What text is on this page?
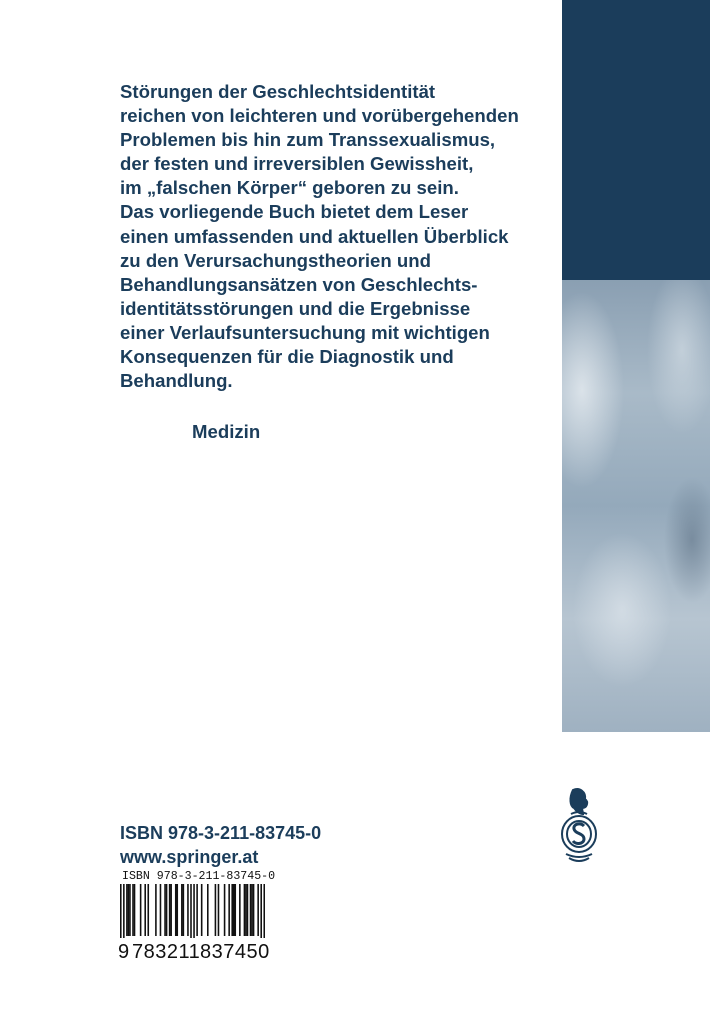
Störungen der Geschlechtsidentität
reichen von leichteren und vorübergehenden
Problemen bis hin zum Transsexualismus,
der festen und irreversiblen Gewissheit,
im „falschen Körper“ geboren zu sein.
Das vorliegende Buch bietet dem Leser
einen umfassenden und aktuellen Überblick
zu den Verursachungstheorien und
Behandlungsansätzen von Geschlechts-
identitätsstörungen und die Ergebnisse
einer Verlaufsuntersuchung mit wichtigen
Konsequenzen für die Diagnostik und
Behandlung.

Medizin

ISBN 978-3-211-83745-0
www.springer.at
ISBN 978-3-211-83745-0
9 783211837450
